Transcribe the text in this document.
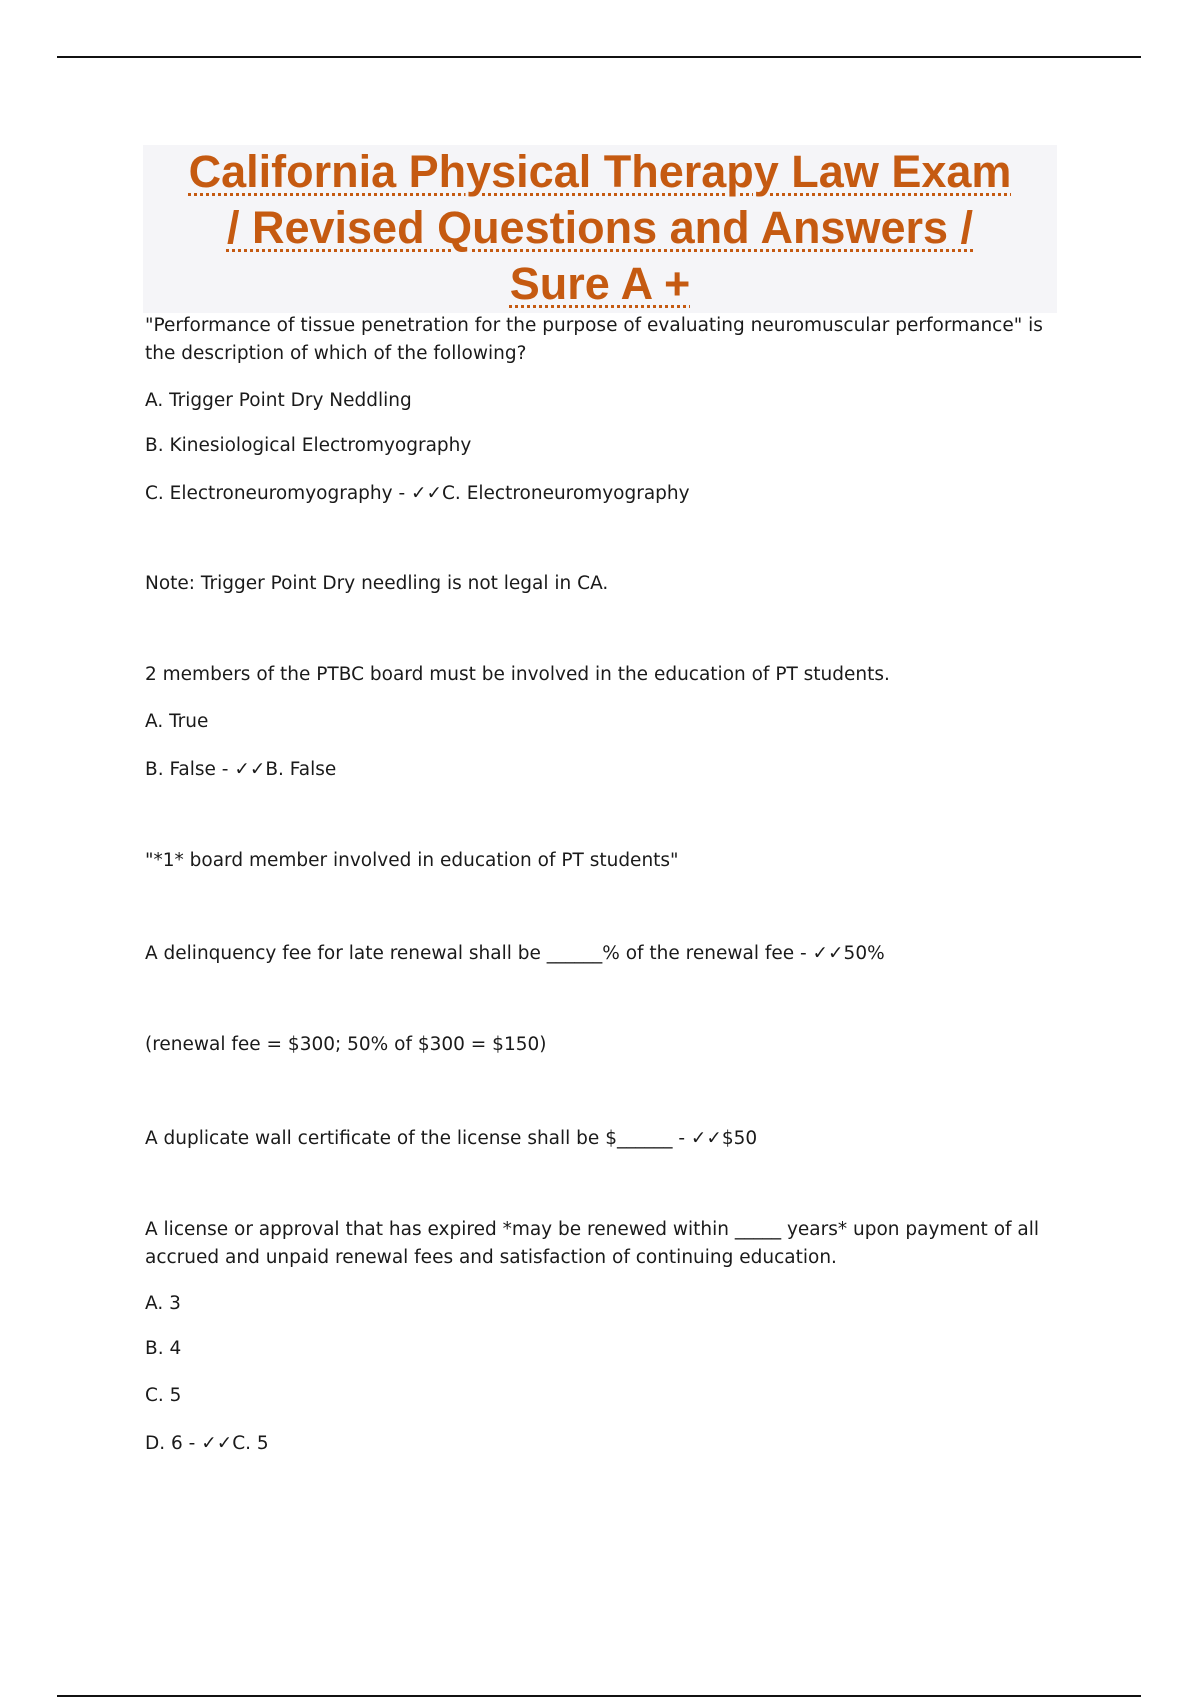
California Physical Therapy Law Exam
/ Revised Questions and Answers /
Sure A +

"Performance of tissue penetration for the purpose of evaluating neuromuscular performance" is the description of which of the following?

A. Trigger Point Dry Neddling

B. Kinesiological Electromyography

C. Electroneuromyography - ✓✓C. Electroneuromyography

Note: Trigger Point Dry needling is not legal in CA.

2 members of the PTBC board must be involved in the education of PT students.

A. True

B. False - ✓✓B. False

"*1* board member involved in education of PT students"

A delinquency fee for late renewal shall be ______% of the renewal fee - ✓✓50%

(renewal fee = $300; 50% of $300 = $150)

A duplicate wall certificate of the license shall be $______ - ✓✓$50

A license or approval that has expired *may be renewed within _____ years* upon payment of all accrued and unpaid renewal fees and satisfaction of continuing education.

A. 3

B. 4

C. 5

D. 6 - ✓✓C. 5
